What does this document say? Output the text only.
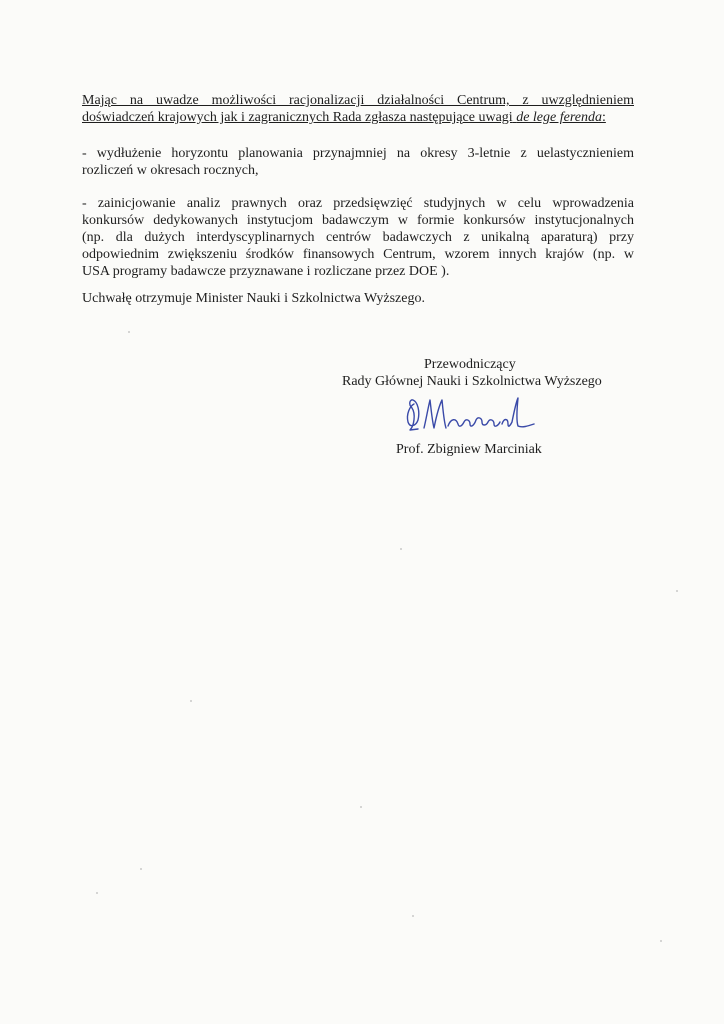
Mając na uwadze możliwości racjonalizacji działalności Centrum, z uwzględnieniem
doświadczeń krajowych jak i zagranicznych Rada zgłasza następujące uwagi de lege ferenda:
- wydłużenie horyzontu planowania przynajmniej na okresy 3-letnie z uelastycznieniem
rozliczeń w okresach rocznych,
- zainicjowanie analiz prawnych oraz przedsięwzięć studyjnych w celu wprowadzenia
konkursów dedykowanych instytucjom badawczym w formie konkursów instytucjonalnych
(np. dla dużych interdyscyplinarnych centrów badawczych z unikalną aparaturą) przy
odpowiednim zwiększeniu środków finansowych Centrum, wzorem innych krajów (np. w
USA programy badawcze przyznawane i rozliczane przez DOE ).
Uchwałę otrzymuje Minister Nauki i Szkolnictwa Wyższego.
Przewodniczący
Rady Głównej Nauki i Szkolnictwa Wyższego
Prof. Zbigniew Marciniak
